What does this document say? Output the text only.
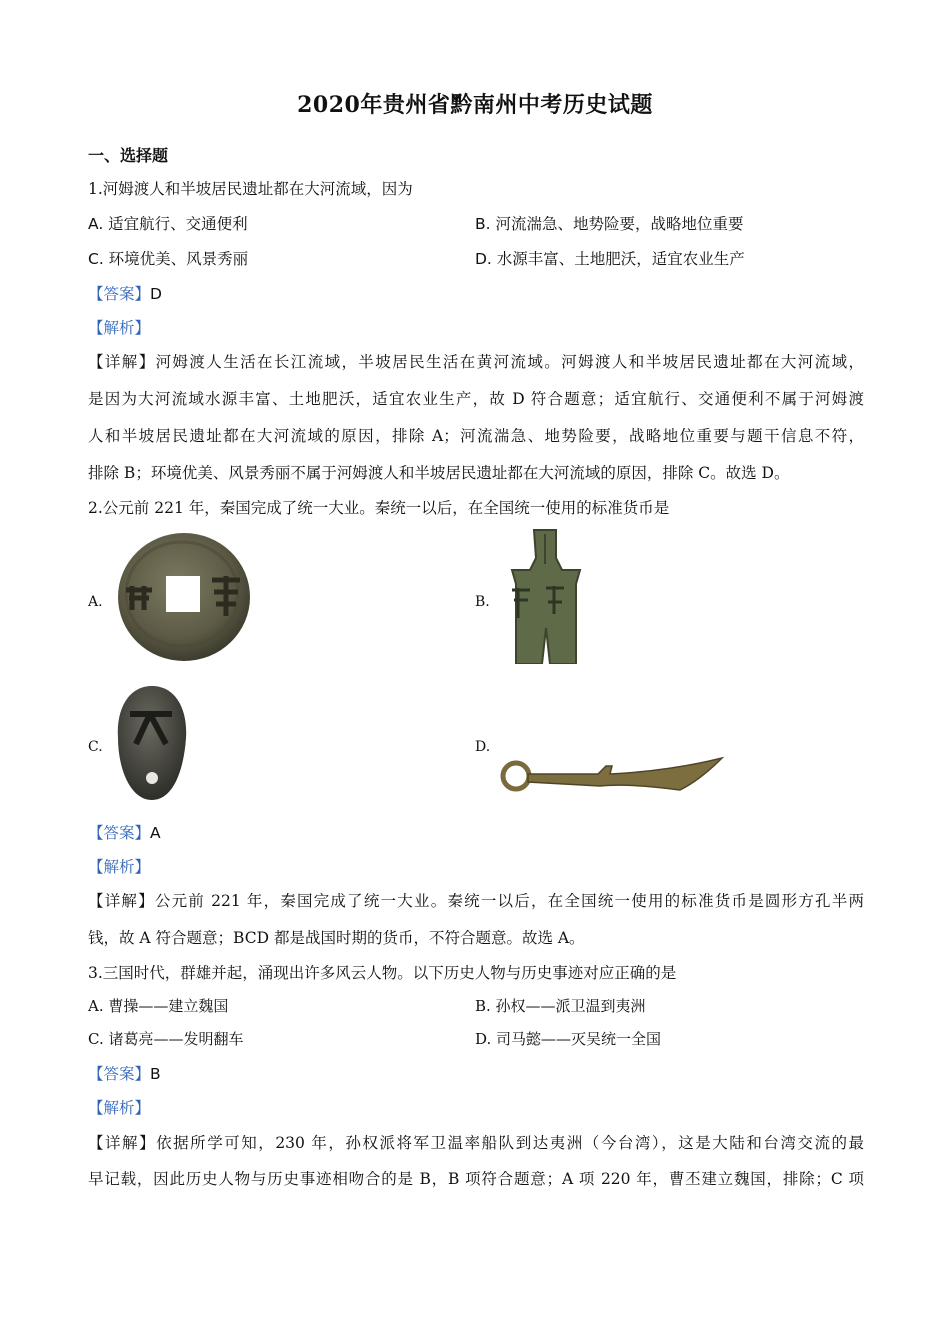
2020年贵州省黔南州中考历史试题
一、选择题
1.河姆渡人和半坡居民遗址都在大河流域，因为
A. 适宜航行、交通便利	B. 河流湍急、地势险要，战略地位重要
C. 环境优美、风景秀丽	D. 水源丰富、土地肥沃，适宜农业生产
【答案】D
【解析】
【详解】河姆渡人生活在长江流域，半坡居民生活在黄河流域。河姆渡人和半坡居民遗址都在大河流域，
是因为大河流域水源丰富、土地肥沃，适宜农业生产，故 D 符合题意；适宜航行、交通便利不属于河姆渡
人和半坡居民遗址都在大河流域的原因，排除 A；河流湍急、地势险要，战略地位重要与题干信息不符，
排除 B；环境优美、风景秀丽不属于河姆渡人和半坡居民遗址都在大河流域的原因，排除 C。故选 D。
2.公元前 221 年，秦国完成了统一大业。秦统一以后，在全国统一使用的标准货币是
A.	B.
C.	D.
【答案】A
【解析】
【详解】公元前 221 年，秦国完成了统一大业。秦统一以后，在全国统一使用的标准货币是圆形方孔半两
钱，故 A 符合题意；BCD 都是战国时期的货币，不符合题意。故选 A。
3.三国时代，群雄并起，涌现出许多风云人物。以下历史人物与历史事迹对应正确的是
A. 曹操——建立魏国	B. 孙权——派卫温到夷洲
C. 诸葛亮——发明翻车	D. 司马懿——灭吴统一全国
【答案】B
【解析】
【详解】依据所学可知，230 年，孙权派将军卫温率船队到达夷洲（今台湾），这是大陆和台湾交流的最
早记载，因此历史人物与历史事迹相吻合的是 B，B 项符合题意；A 项 220 年，曹丕建立魏国，排除；C 项
